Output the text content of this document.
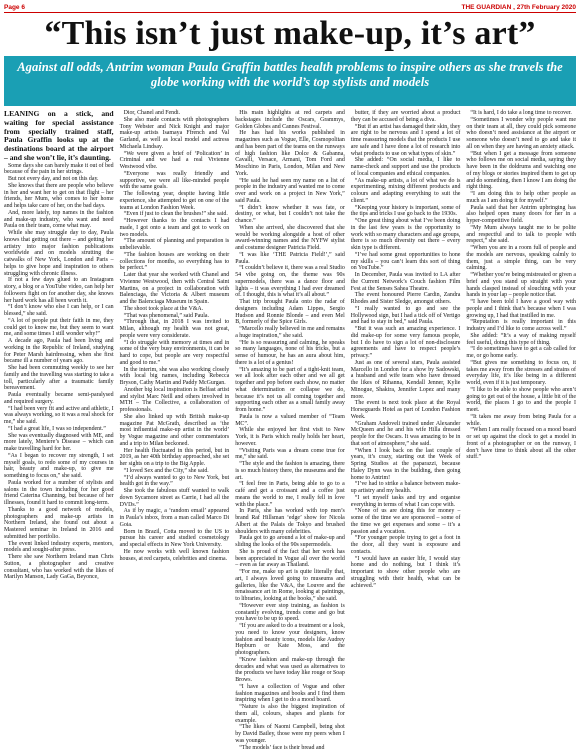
Page 6	THE GUARDIAN , 27th February 2020
“This isn’t just make-up, it’s art”
Against all odds, Antrim woman Paula Graffin battles health problems to inspire others as she travels the globe working with the world’s top stylists and models

LEANING on a stick, and waiting for special assistance from specially trained staff, Paula Graffin looks up at the destinations board at the airport – and she won’t lie, it’s daunting.

Some days she can barely make it out of bed because of the pain in her strings.

But not every day, and not on this day.

She knows that there are people who believe in her and want her to get on that flight – her friends, her Mum, who comes to her home and helps take care of her, on the bad days.

And, more lately, top names in the fashion and make-up industry, who want and need Paula on their team, come what may.

While she may struggle day to day, Paula knows that getting out there – and getting her artistry into major fashion publications worldwide and on models strutting the catwalks of New York, London and Paris – helps to give hope and inspiration to others struggling with chronic illness.

If not a few days glued to an Instagram story, a blog or a YouTube video, can help her followers fight on for another day, she knows her hard work has all been worth it.

“I don’t know who else I can help, or I can blessed,” she said.

“A lot of people put their faith in me, they could get to know me, but they seem to want me, and some times I still wonder why!”

A decade ago, Paula had been living and working in the Republic of Ireland, studying for Peter Marsh hairdressing, when she first became ill a number of years ago.

She had been commuting weekly to see her family and the travelling was starting to take a toll, particularly after a traumatic family bereavement.

Paula eventually became semi-paralysed and required surgery.

“I had been very fit and active and athletic, I was always working, so it was a real shock for me,” she said.

“I had a great life, I was so independent.”

She was eventually diagnosed with ME, and more lately, Meniere’s Disease – which can make travelling hard for her.

“As I began to recover my strength, I set myself goals, to redo some of my courses in hair, beauty and make-up, to give me something to focus on,” she said.

Paula worked for a number of stylists and salons in the town including for her good friend Caterina Channing, but because of her illnesses, found it hard to commit long-term.

Thanks to a good network of models, photographers and make-up artists in Northern Ireland, she found out about a Mastered seminar in Ireland in 2016 and submitted her portfolio.

The event linked industry experts, mentors, models and sought-after press.

There she saw Northern Ireland man Chris Sutton, a photographer and creative consultant, who has worked with the likes of Marilyn Manson, Lady GaGa, Beyonce,

Dior, Chanel and Fendi.

She also made contacts with photographers Tony Webster and Nick Knight and major make-up artists Isamaya Ffrench and Val Garland, as well as local model and actress Michaela Lindsay.

“We were given a brief of ‘Polication’ in Criminal and we had a real Vivienne Westwood vibe.

“Everyone was really friendly and supportive, we were all like-minded people with the same goals.

The following year, despite having little experience, she attempted to get on one of the teams at London Fashion Week.

“Even if just to clean the brushes!” she said.

“However thanks to the contacts I had made, I got onto a team and got to work on two models.

“The amount of planning and preparation is unbelievable.

“The fashion houses are working on their collections for months, so everything has to be perfect.”

Later that year she worked with Chanel and Vivienne Westwood, then with Central Saint Martins, on a project in collaboration with Balenciaga, the Victoria & Albert museum and the Balenciaga Museum in Spain.

The shoot took place at the V&A.

“That was phenomenal,” said Paula.

“Through that, in 2018 I was invited to Milan, although my health was not great, people were very considerate.

“I do struggle with memory at times and in some of the very busy environments, it can be hard to cope, but people are very respectful and good to me.”

In the interim, she was also working closely with local big names, including Rebecca Bryson, Cathy Martin and Paddy McGurgan.

Another big local inspiration is Belfast artist and stylist Marc Neill and others involved in MTH – The Collective, a collaboration of professionals.

She also linked up with British make-up magazine Pat McGrath, described as ‘the most influential make-up artist in the world’ by Vogue magazine and other commentators and a trip to Milan beckoned.

Her health fluctuated in this period, but in 2019, as her 40th birthday approached, she set her sights on a trip to the Big Apple.

“I loved Sex and the City,” she said.

“I’d always wanted to go to New York, but health got in the way.”

She took the fabulous stuff wanted to walk down Sycamore street as Carrie, I had all the DVDs.”

As if by magic, a ‘random email’ appeared in Paula’s inbox, from a man called Marco Di Goia.

Born in Brazil, Cotta moved to the US to pursue his career and studied cosmetology and special effects in New York University.

He now works with well known fashion houses, at red carpets, celebrities and cinema.

His main highlights at red carpets and backstages include the Oscars, Grammys, Golden Globes and Cannes Festival.

He has had his works published in magazines such as Vogue, Elle, Cosmopolitan and has been part of the teams on the runways of high fashion like Dolce & Gabanna, Cavalli, Versace, Armani, Tom Ford and Moschino in Paris, London, Milan and New York.

“He said he had seen my name on a list of people in the industry and wanted me to come over and work on a project in New York,” said Paula.

“I didn’t know whether it was fate, or destiny, or what, but I couldn’t not take the chance.”

When she arrived, she discovered that she would be working alongside a host of other award-winning names and the NYFW stylist and costume designer Patricia Field.

“I was like ‘THE Patricia Field!’,” said Paula.

“I couldn’t believe it, there was a real Studio 54 vibe going on, the theme was 90s supermodels, there was a dance floor and lights – it was everything I had ever dreamed of. I thought, this is what it’s all about.”

That trip brought Paula onto the radar of designers including Adam Lippes, Sergio Hudson and Ronnie Blonde – and even Mel B, formerly of the Spice Girls.

“Marcello really believed in me and remains a huge inspiration,” she said.

“He is so reassuring and calming, he speaks so many languages, none of his tricks, but a sense of humour, he has an aura about him, there is a lot of a genius!

“It’s amazing to be part of a tight-knit team, we all look after each other and we all get together and pop before each show, no matter what determination or collapse we do, because it’s not us all coming together and supporting each other as a small family away from home.”

Paula is now a valued member of “Team MC”.

While she enjoyed her first visit to New York, it is Paris which really holds her heart, however.

“Visiting Paris was a dream come true for me,” she said.

“The style and the fashion is amazing, there is so much history there, the museums and the art.

“I feel free in Paris, being able to go to a café and get a croissant and a coffee just means the world to me, I really fell in love with the place.”

In Paris, she has worked with top men’s brand Raf Hillsman ‘edge’ show for Nicola Albert at the Palais de Tokyo and brushed shoulders with many celebrities.

Paula got to go around a lot of make-up and sliding the looks of the 90s supermodels.

She is proud of the fact that her work has been appreciated in Vogue all over the world – even as far away as Thailand.

“For me, make up art is quite literally that, art, I always loved going to museums and galleries, like the V&A, the Louvre and the renaissance art in Rome, looking at paintings, to libraries, looking at the books,” she said.

“However ever stop training, as fashion is constantly evolving, trends come and go but you have to be up to speed.

“If you are asked to do a treatment or a look, you need to know your designers, know fashion and beauty icons, models like Audrey Hepburn or Kate Moss, and the photographers.

“Know fashion and make-up through the decades and what was used as alternatives to the products we have today like rouge or Soap Brows.

“I have a collection of Vogue and other fashion magazines and books and I find them inspiring when I get to do a mood board.

“Nature is also the biggest inspiration of them all, colours, shapes and plants for example.

“The likes of Naomi Campbell, being shot by David Bailey, those were my peers when I was younger.

“The models’ face is their bread and

butter, if they are worried about a product they can be accused of being a diva.

“But if an artist has damaged their skin, they are right to be nervous and I spend a lot of time reassuring models that the products I use are safe and I have done a lot of research into what products to use on what types of skin.”

She added: “On social media, I like to name-check and support and use the products of local companies and ethical companies.

“As make-up artists, a lot of what we do is experimenting, mixing different products and colours and adapting everything to suit the client.”

“Keeping your history is important, some of the tips and tricks I use go back to the 1930s.

“One great thing about what I’ve been doing in the last few years is the opportunity to work with so many characters and age groups, there is so much diversity out there – every skin type is different.

“I’ve had some great opportunities to hone my skills – you can’t learn this sort of thing on YouTube.”

In December, Paula was invited to LA after the Current Network’s Couch fashion Film Fest at the Senses Sahea Theatre.

The event honoured Pierre Cardin, Zandra Rhodes and Sister Sledge, amongst others.

“I really wanted to go and see the Hollywood sign, but I had a tick off of Vertigo and had to stay in bed,” said Paula.

“But it was such an amazing experience. I did make-up for some very famous people, but I do have to sign a lot of non-disclosure agreements and have to respect people’s privacy.”

Just as one of several stars, Paula assisted Marcello in London for a show by Sadowski, a husband and wife team who have dressed the likes of Rihanna, Kendall Jenner, Kylie Minogue, Shakira, Jennifer Lopez and many more.

The event is next took place at the Royal Horseguards Hotel as part of London Fashion Week.

“Graham Andoveli trained under Alexander McQueen and he and his wife Hilla dressed people for the Oscars. It was amazing to be in that sort of atmosphere,” she said.

“When I look back on the last couple of years, it’s crazy, starting out the Week of Spring Studios at the paparazzi, because Haley Dynn was in the building, then going home to Antrim!

“I’ve had to strike a balance between make-up artistry and my health.

“I set myself tasks and try and organise everything in terms of what I can cope with.

“None of us are doing this for money – some of the time we are sponsored – some of the time we get expenses and some – it’s a passion and a vocation.

“For younger people trying to get a foot in the door, all they want is exposure and contacts.

“I would have an easier life, I would stay home and do nothing, but I think it’s important to show other people who are struggling with their health, what can be achieved.”

“It is hard, I do take a long time to recover.

“Sometimes I wonder why people want me on their team at all, they could pick someone who doesn’t need assistance at the airport or someone who doesn’t need to go and take it all on when they are having an anxiety attack.

“But when I get a message from someone who follows me on social media, saying they have been in the doldrums and watching one of my blogs or stories inspired them to get up and do something, then I know I am doing the right thing.

“I am doing this to help other people as much as I am doing it for myself.”

Paula said that her Antrim upbringing has also helped open many doors for her in a hyper-competitive field.

“My Mum always taught me to be polite and respectful and to talk to people with respect,” she said.

“When you are in a room full of people and the models are nervous, speaking calmly to them, just a simple thing, can be very calming.

“Whether you’re being mistreated or given a brief and you stand up straight with your hands clasped instead of slouching with your hands in your lap – people notice that.

“I have been told I have a good way with people and I think that’s because when I was growing up, I had that instilled in me.

“Reputation is really important in this industry and I’d like to come across well.”

She added: “It’s a way of making myself feel useful, doing this type of thing.

“I do sometimes have to get a cab called for me, or go home early.

“But gives me something to focus on, it takes me away from the stresses and strains of everyday life, it’s like being in a different world, even if it is just temporary.

“I like to be able to show people who aren’t going to get out of the house, a little bit of the world, the places I go to and the people I meet.

“It takes me away from being Paula for a while.

“When I am really focused on a mood board or set up against the clock to get a model in front of a photographer or on the runway, I don’t have time to think about all the other stuff.”
